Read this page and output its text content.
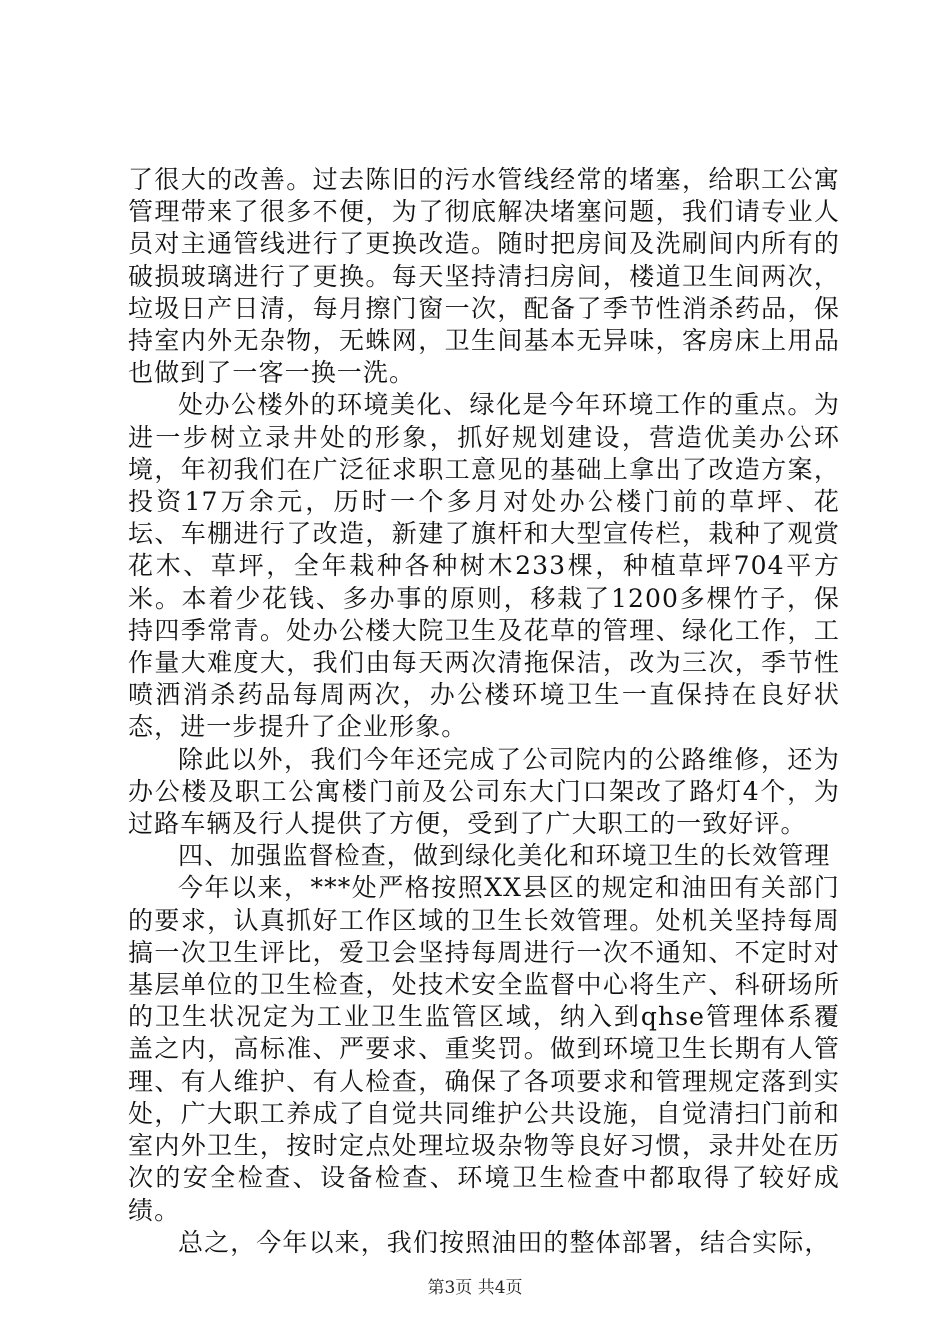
了很大的改善。过去陈旧的污水管线经常的堵塞，给职工公寓管理带来了很多不便，为了彻底解决堵塞问题，我们请专业人员对主通管线进行了更换改造。随时把房间及洗刷间内所有的破损玻璃进行了更换。每天坚持清扫房间，楼道卫生间两次，垃圾日产日清，每月擦门窗一次，配备了季节性消杀药品，保持室内外无杂物，无蛛网，卫生间基本无异味，客房床上用品也做到了一客一换一洗。

处办公楼外的环境美化、绿化是今年环境工作的重点。为进一步树立录井处的形象，抓好规划建设，营造优美办公环境，年初我们在广泛征求职工意见的基础上拿出了改造方案，投资17万余元，历时一个多月对处办公楼门前的草坪、花坛、车棚进行了改造，新建了旗杆和大型宣传栏，栽种了观赏花木、草坪，全年栽种各种树木233棵，种植草坪704平方米。本着少花钱、多办事的原则，移栽了1200多棵竹子，保持四季常青。处办公楼大院卫生及花草的管理、绿化工作，工作量大难度大，我们由每天两次清拖保洁，改为三次，季节性喷洒消杀药品每周两次，办公楼环境卫生一直保持在良好状态，进一步提升了企业形象。

除此以外，我们今年还完成了公司院内的公路维修，还为办公楼及职工公寓楼门前及公司东大门口架改了路灯4个，为过路车辆及行人提供了方便，受到了广大职工的一致好评。

四、加强监督检查，做到绿化美化和环境卫生的长效管理

今年以来，***处严格按照XX县区的规定和油田有关部门的要求，认真抓好工作区域的卫生长效管理。处机关坚持每周搞一次卫生评比，爱卫会坚持每周进行一次不通知、不定时对基层单位的卫生检查，处技术安全监督中心将生产、科研场所的卫生状况定为工业卫生监管区域，纳入到qhse管理体系覆盖之内，高标准、严要求、重奖罚。做到环境卫生长期有人管理、有人维护、有人检查，确保了各项要求和管理规定落到实处，广大职工养成了自觉共同维护公共设施，自觉清扫门前和室内外卫生，按时定点处理垃圾杂物等良好习惯，录井处在历次的安全检查、设备检查、环境卫生检查中都取得了较好成绩。

总之，今年以来，我们按照油田的整体部署，结合实际，

第3页 共4页
